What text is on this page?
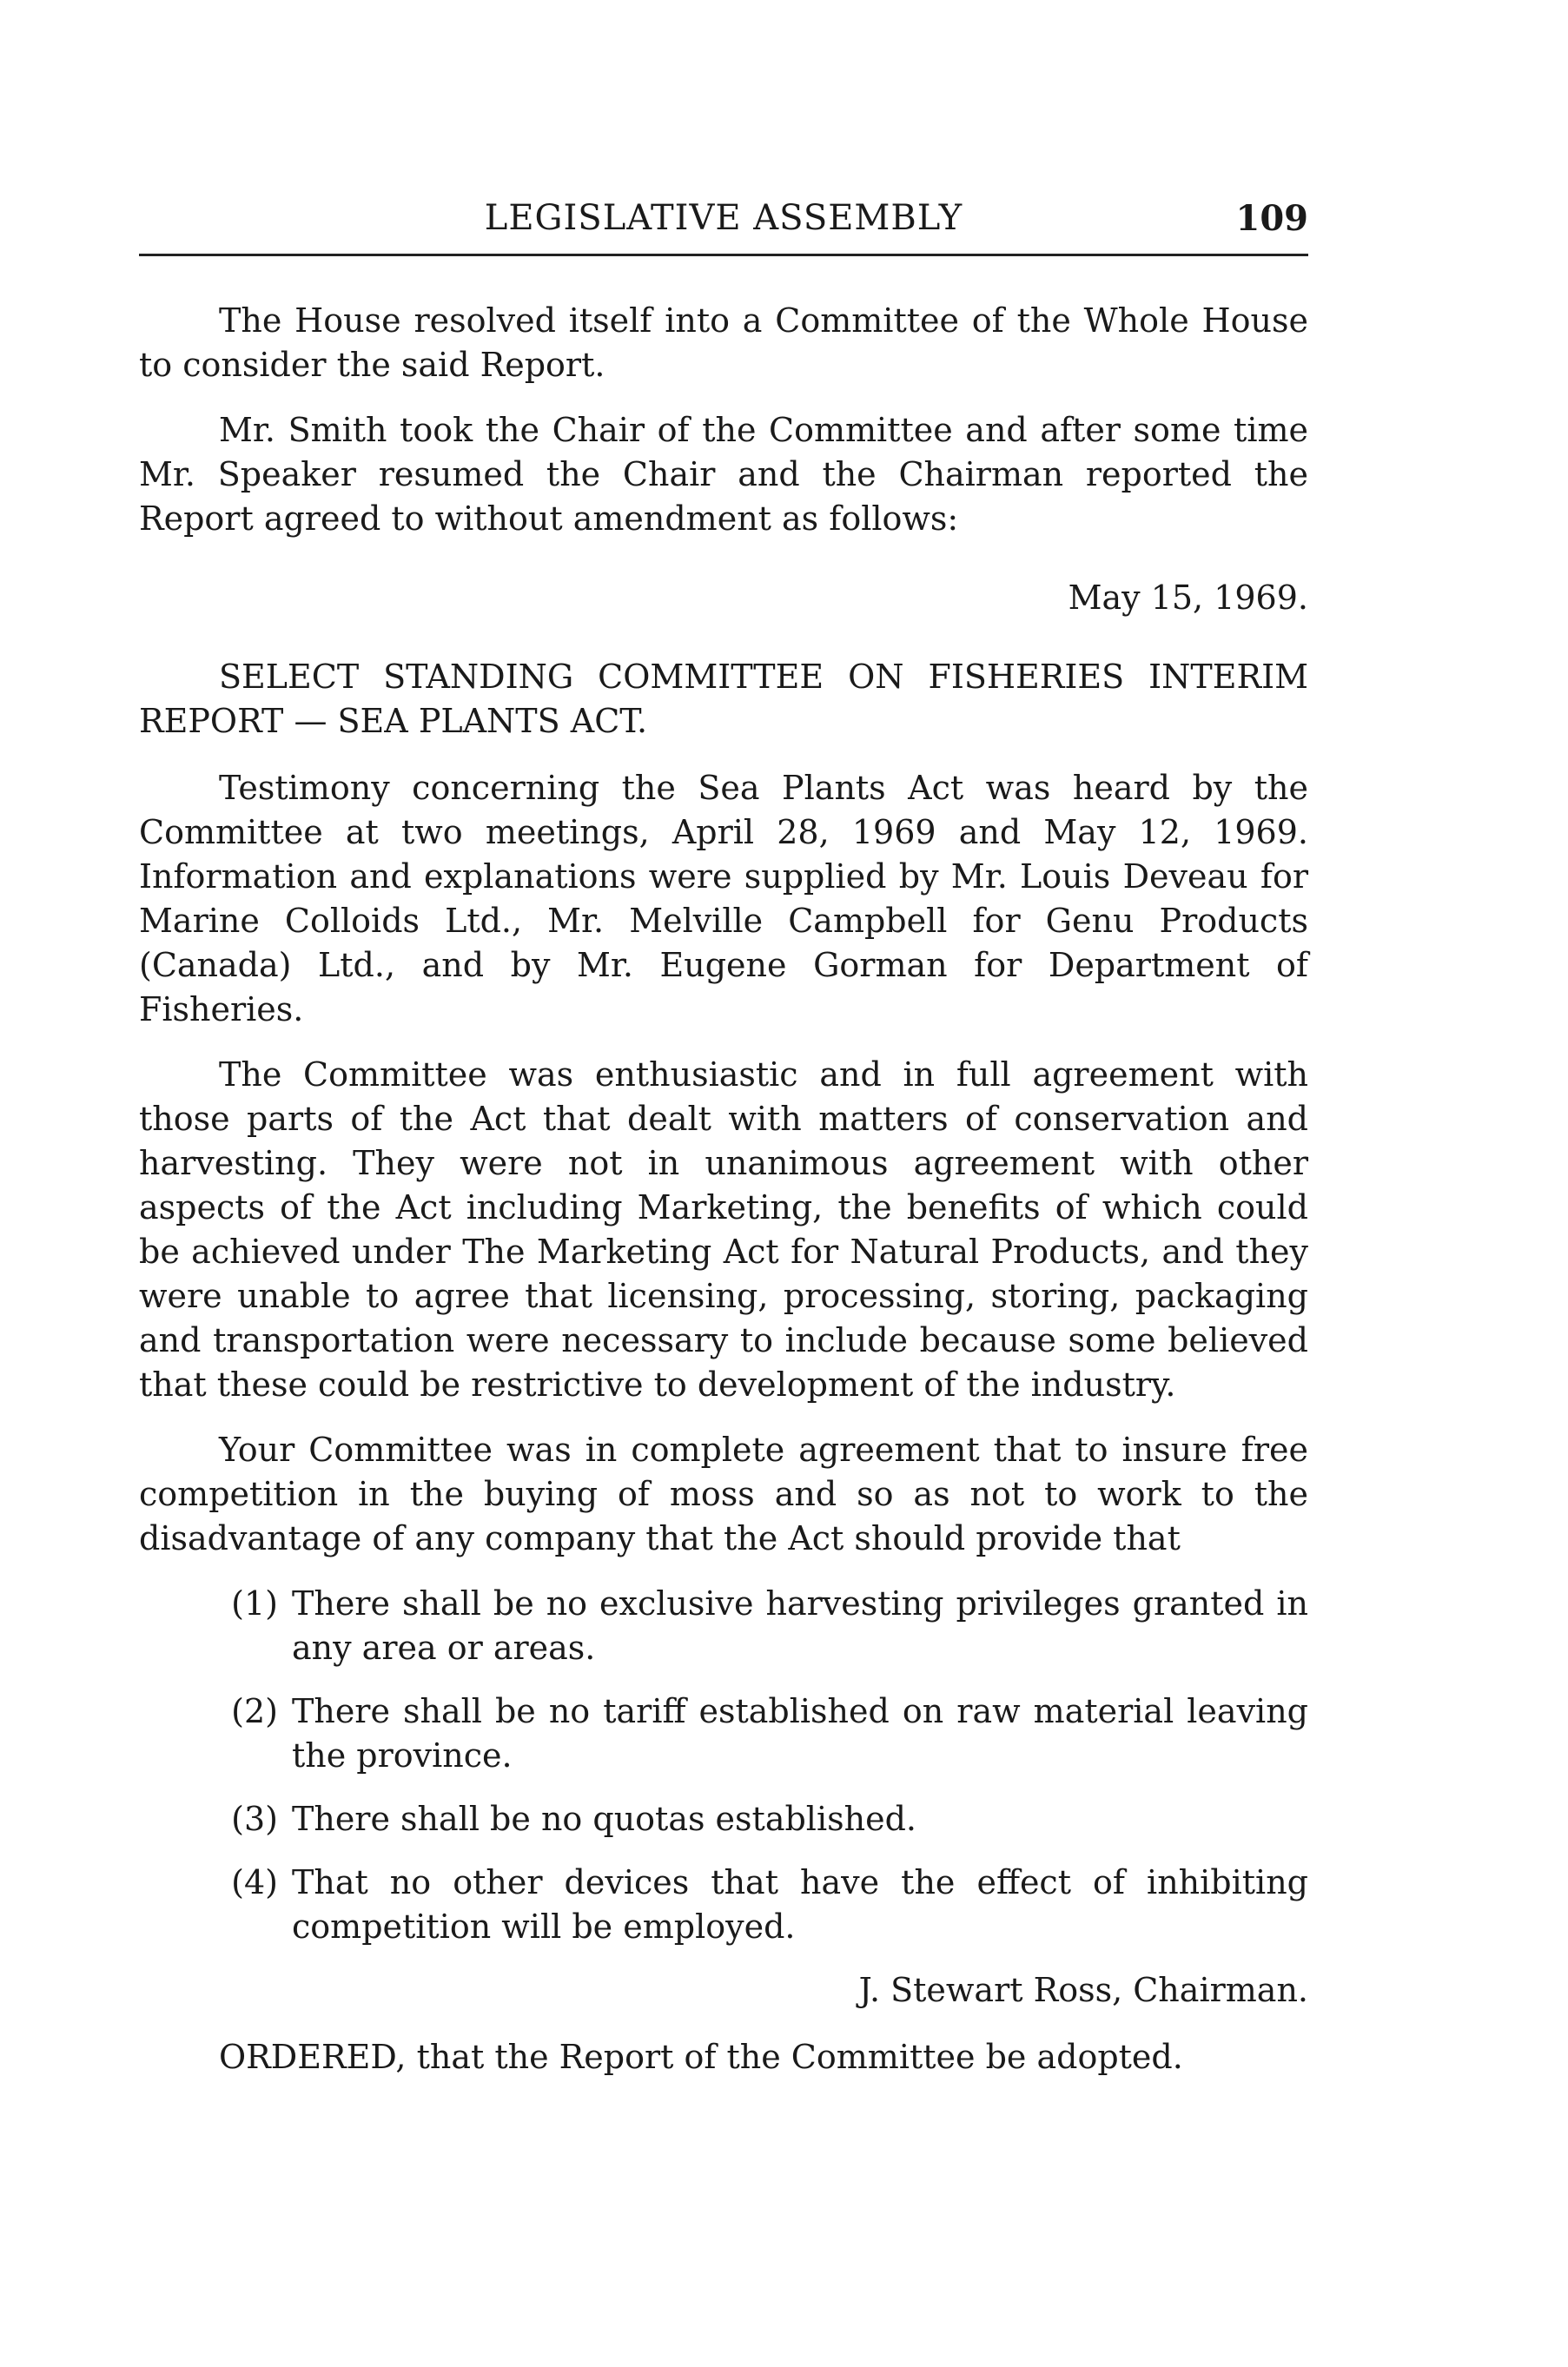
LEGISLATIVE ASSEMBLY	109

The House resolved itself into a Committee of the Whole House to consider the said Report.

Mr. Smith took the Chair of the Committee and after some time Mr. Speaker resumed the Chair and the Chairman reported the Report agreed to without amendment as follows:

May 15, 1969.

SELECT STANDING COMMITTEE ON FISHERIES INTERIM REPORT — SEA PLANTS ACT.

Testimony concerning the Sea Plants Act was heard by the Committee at two meetings, April 28, 1969 and May 12, 1969. Information and explanations were supplied by Mr. Louis Deveau for Marine Colloids Ltd., Mr. Melville Campbell for Genu Products (Canada) Ltd., and by Mr. Eugene Gorman for Department of Fisheries.

The Committee was enthusiastic and in full agreement with those parts of the Act that dealt with matters of conservation and harvesting. They were not in unanimous agreement with other aspects of the Act including Marketing, the benefits of which could be achieved under The Marketing Act for Natural Products, and they were unable to agree that licensing, processing, storing, packaging and transportation were necessary to include because some believed that these could be restrictive to development of the industry.

Your Committee was in complete agreement that to insure free competition in the buying of moss and so as not to work to the disadvantage of any company that the Act should provide that

(1) There shall be no exclusive harvesting privileges granted in any area or areas.
(2) There shall be no tariff established on raw material leaving the province.
(3) There shall be no quotas established.
(4) That no other devices that have the effect of inhibiting competition will be employed.

J. Stewart Ross, Chairman.

ORDERED, that the Report of the Committee be adopted.
